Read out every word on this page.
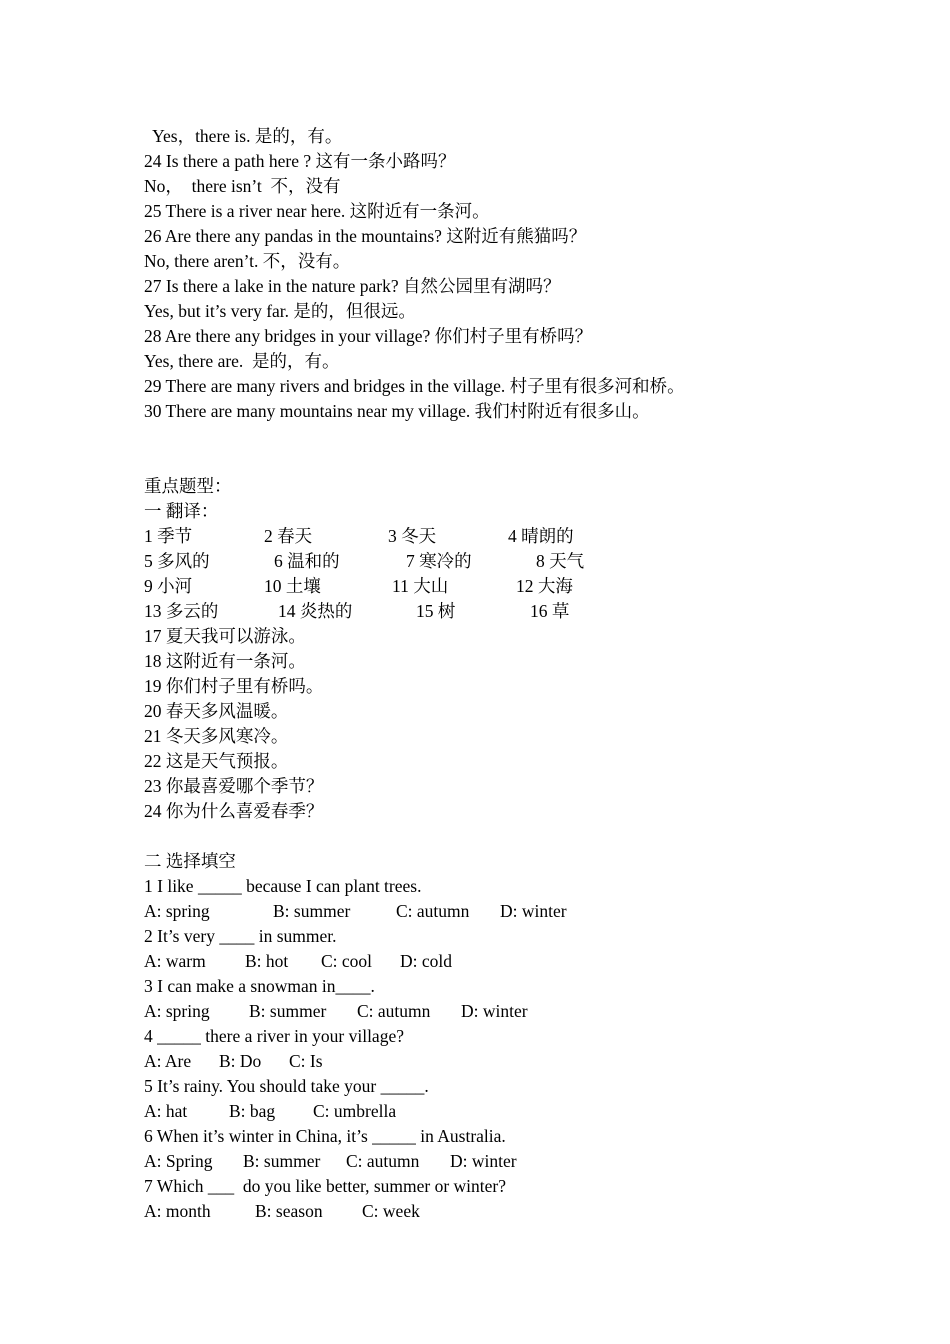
Yes，there is. 是的，有。
24 Is there a path here ? 这有一条小路吗？
No，  there isn’t  不，没有
25 There is a river near here. 这附近有一条河。
26 Are there any pandas in the mountains? 这附近有熊猫吗？
No, there aren’t. 不，没有。
27 Is there a lake in the nature park? 自然公园里有湖吗？
Yes, but it’s very far. 是的，但很远。
28 Are there any bridges in your village? 你们村子里有桥吗？
Yes, there are.  是的，有。
29 There are many rivers and bridges in the village. 村子里有很多河和桥。
30 There are many mountains near my village. 我们村附近有很多山。
重点题型：
一 翻译：
1 季节	2 春天	3 冬天	4 晴朗的
5 多风的	6 温和的	7 寒冷的	8 天气
9 小河	10 土壤	11 大山	12 大海
13 多云的	14 炎热的	15 树	16 草
17 夏天我可以游泳。
18 这附近有一条河。
19 你们村子里有桥吗。
20 春天多风温暖。
21 冬天多风寒冷。
22 这是天气预报。
23 你最喜爱哪个季节？
24 你为什么喜爱春季？
二 选择填空
1 I like _____ because I can plant trees.
A: spring	B: summer	C: autumn D: winter
2 It’s very ____ in summer.
A: warm B: hot C: cool D: cold
3 I can make a snowman in____.
A: spring B: summer C: autumn D: winter
4 _____ there a river in your village?
A: Are B: Do C: Is
5 It’s rainy. You should take your _____.
A: hat B: bag C: umbrella
6 When it’s winter in China, it’s _____ in Australia.
A: Spring B: summer C: autumn D: winter
7 Which ___  do you like better, summer or winter?
A: month	B: season C: week
